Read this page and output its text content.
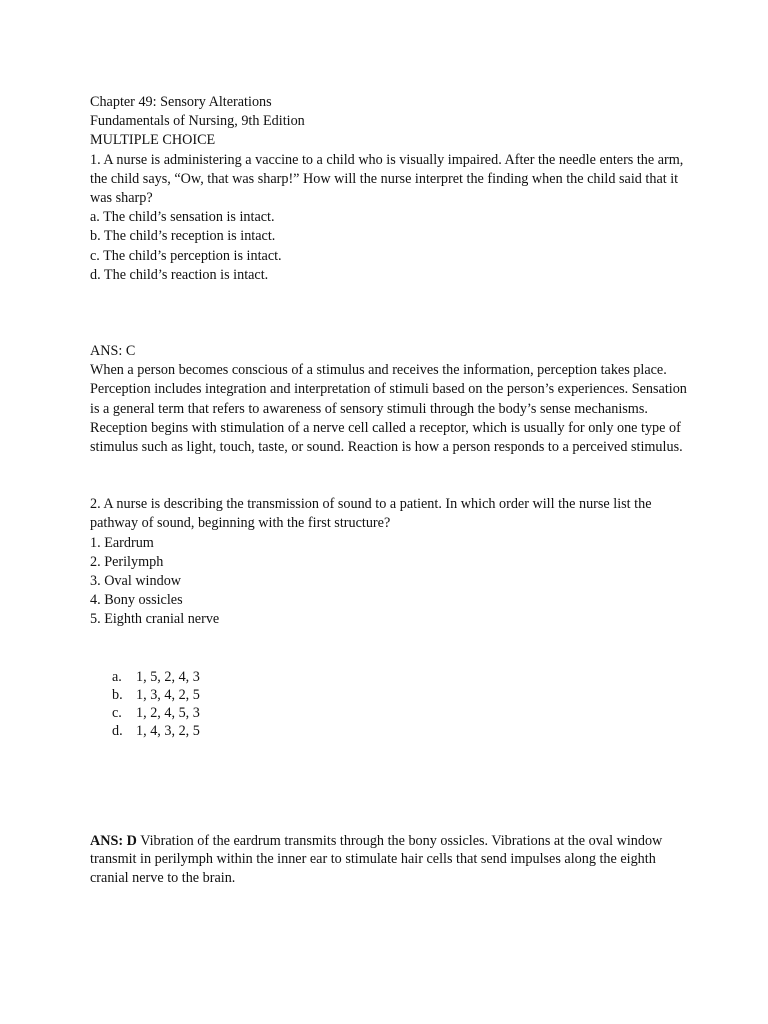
Chapter 49: Sensory Alterations

Fundamentals of Nursing, 9th Edition

MULTIPLE CHOICE

1. A nurse is administering a vaccine to a child who is visually impaired. After the needle enters the arm, the child says, “Ow, that was sharp!” How will the nurse interpret the finding when the child said that it was sharp?

a. The child’s sensation is intact.

b. The child’s reception is intact.

c. The child’s perception is intact.

d. The child’s reaction is intact.

ANS: C

When a person becomes conscious of a stimulus and receives the information, perception takes place. Perception includes integration and interpretation of stimuli based on the person’s experiences. Sensation is a general term that refers to awareness of sensory stimuli through the body’s sense mechanisms. Reception begins with stimulation of a nerve cell called a receptor, which is usually for only one type of stimulus such as light, touch, taste, or sound. Reaction is how a person responds to a perceived stimulus.

2. A nurse is describing the transmission of sound to a patient. In which order will the nurse list the pathway of sound, beginning with the first structure?

1. Eardrum

2. Perilymph

3. Oval window

4. Bony ossicles

5. Eighth cranial nerve

a. 1, 5, 2, 4, 3
b. 1, 3, 4, 2, 5
c. 1, 2, 4, 5, 3
d. 1, 4, 3, 2, 5

ANS: D Vibration of the eardrum transmits through the bony ossicles. Vibrations at the oval window transmit in perilymph within the inner ear to stimulate hair cells that send impulses along the eighth cranial nerve to the brain.
